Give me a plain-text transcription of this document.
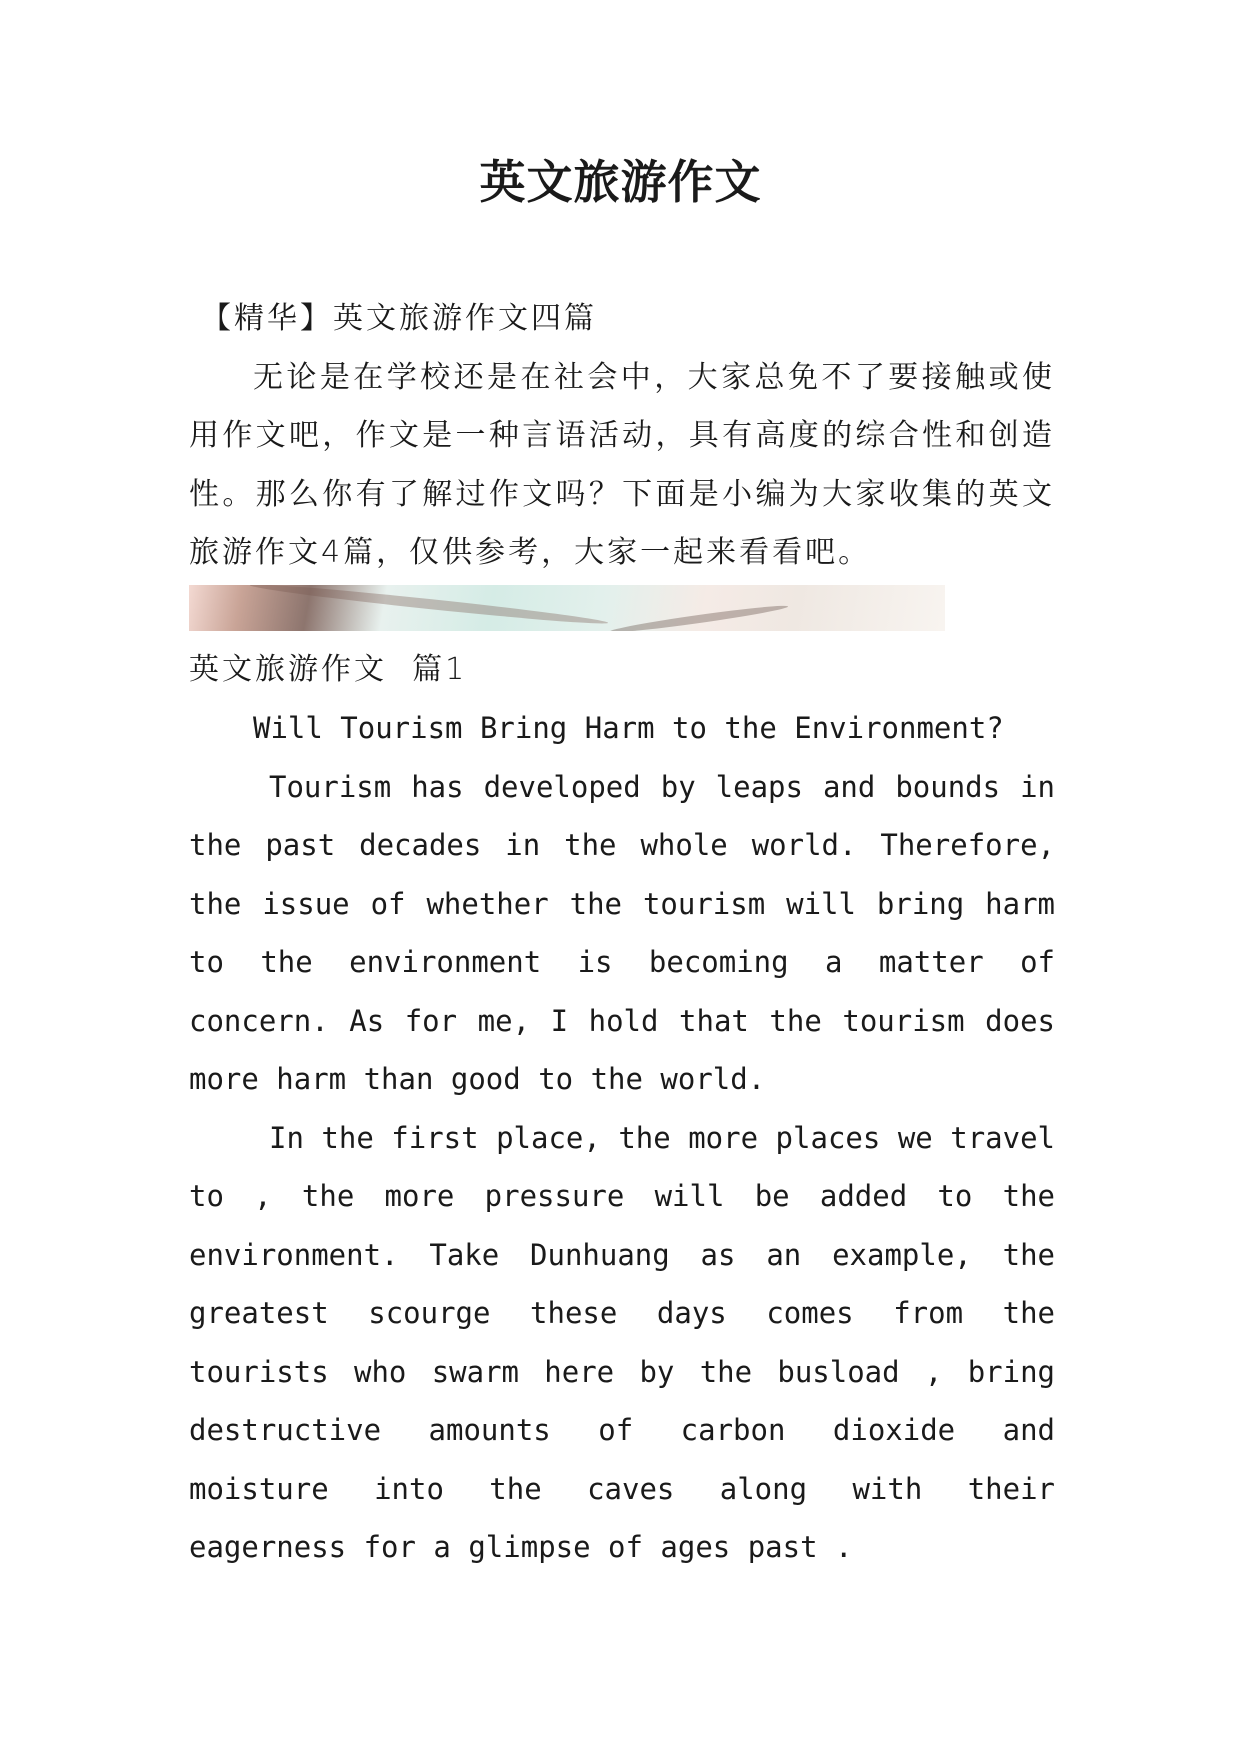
英文旅游作文

【精华】英文旅游作文四篇

无论是在学校还是在社会中，大家总免不了要接触或使用作文吧，作文是一种言语活动，具有高度的综合性和创造性。那么你有了解过作文吗？下面是小编为大家收集的英文旅游作文4篇，仅供参考，大家一起来看看吧。

英文旅游作文  篇1

Will Tourism Bring Harm to the Environment?

Tourism has developed by leaps and bounds in the past decades in the whole world. Therefore, the issue of whether the tourism will bring harm to the environment is becoming a matter of concern. As for me, I hold that the tourism does more harm than good to the world.

In the first place, the more places we travel to , the more pressure will be added to the environment. Take Dunhuang as an example, the greatest scourge these days comes from the tourists who swarm here by the busload , bring destructive amounts of carbon dioxide and moisture into the caves along with their eagerness for a glimpse of ages past .
